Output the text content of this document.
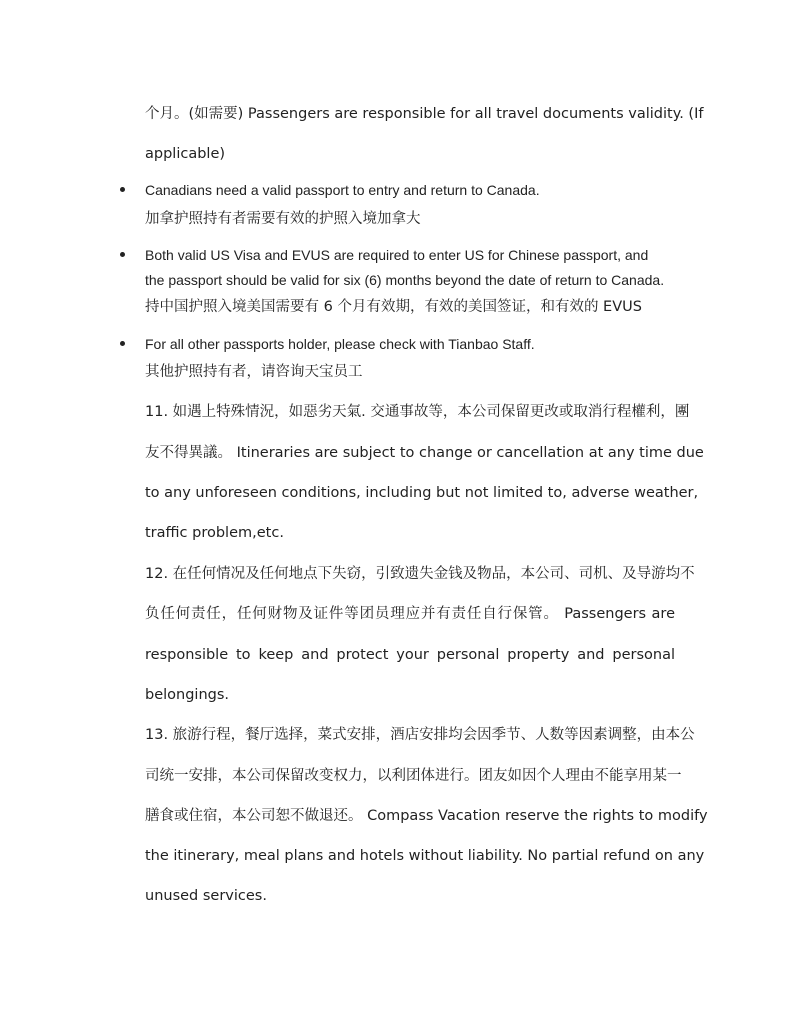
个月。(如需要) Passengers are responsible for all travel documents validity. (If
applicable)
Canadians need a valid passport to entry and return to Canada.
加拿护照持有者需要有效的护照入境加拿大
Both valid US Visa and EVUS are required to enter US for Chinese passport, and
the passport should be valid for six (6) months beyond the date of return to Canada.
持中国护照入境美国需要有 6 个月有效期，有效的美国签证，和有效的 EVUS
For all other passports holder, please check with Tianbao Staff.
其他护照持有者，请咨询天宝员工
11. 如遇上特殊情況，如惡劣天氣. 交通事故等，本公司保留更改或取消行程權利，團
友不得異議。 Itineraries are subject to change or cancellation at any time due
to any unforeseen conditions, including but not limited to, adverse weather,
traffic problem,etc.
12. 在任何情况及任何地点下失窃，引致遗失金钱及物品，本公司、司机、及导游均不
负任何责任，任何财物及证件等团员理应并有责任自行保管。 Passengers are
responsible to keep and protect your personal property and personal
belongings.
13. 旅游行程，餐厅选择，菜式安排，酒店安排均会因季节、人数等因素调整，由本公
司统一安排，本公司保留改变权力，以利团体进行。团友如因个人理由不能享用某一
膳食或住宿，本公司恕不做退还。 Compass Vacation reserve the rights to modify
the itinerary, meal plans and hotels without liability. No partial refund on any
unused services.
